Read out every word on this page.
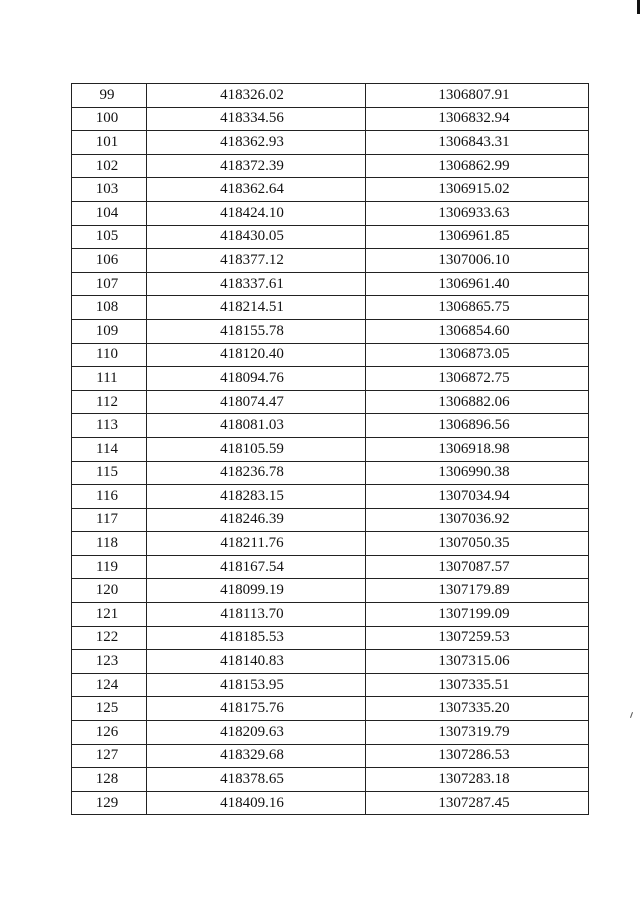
99	418326.02	1306807.91
100	418334.56	1306832.94
101	418362.93	1306843.31
102	418372.39	1306862.99
103	418362.64	1306915.02
104	418424.10	1306933.63
105	418430.05	1306961.85
106	418377.12	1307006.10
107	418337.61	1306961.40
108	418214.51	1306865.75
109	418155.78	1306854.60
110	418120.40	1306873.05
111	418094.76	1306872.75
112	418074.47	1306882.06
113	418081.03	1306896.56
114	418105.59	1306918.98
115	418236.78	1306990.38
116	418283.15	1307034.94
117	418246.39	1307036.92
118	418211.76	1307050.35
119	418167.54	1307087.57
120	418099.19	1307179.89
121	418113.70	1307199.09
122	418185.53	1307259.53
123	418140.83	1307315.06
124	418153.95	1307335.51
125	418175.76	1307335.20
126	418209.63	1307319.79
127	418329.68	1307286.53
128	418378.65	1307283.18
129	418409.16	1307287.45
